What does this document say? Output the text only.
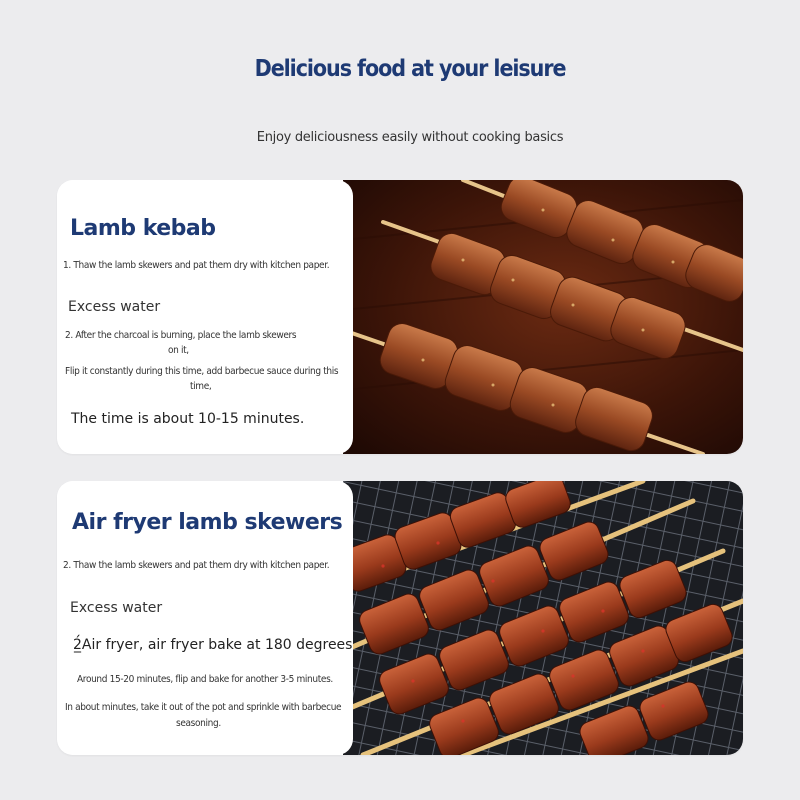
Delicious food at your leisure
Enjoy deliciousness easily without cooking basics
Lamb kebab
1. Thaw the lamb skewers and pat them dry with kitchen paper.
Excess water
2. After the charcoal is burning, place the lamb skewers
on it,
Flip it constantly during this time, add barbecue sauce during this
time,
The time is about 10-15 minutes.
Air fryer lamb skewers
2. Thaw the lamb skewers and pat them dry with kitchen paper.
Excess water
2̲́Air fryer, air fryer bake at 180 degrees
Around 15-20 minutes, flip and bake for another 3-5 minutes.
In about minutes, take it out of the pot and sprinkle with barbecue
seasoning.
